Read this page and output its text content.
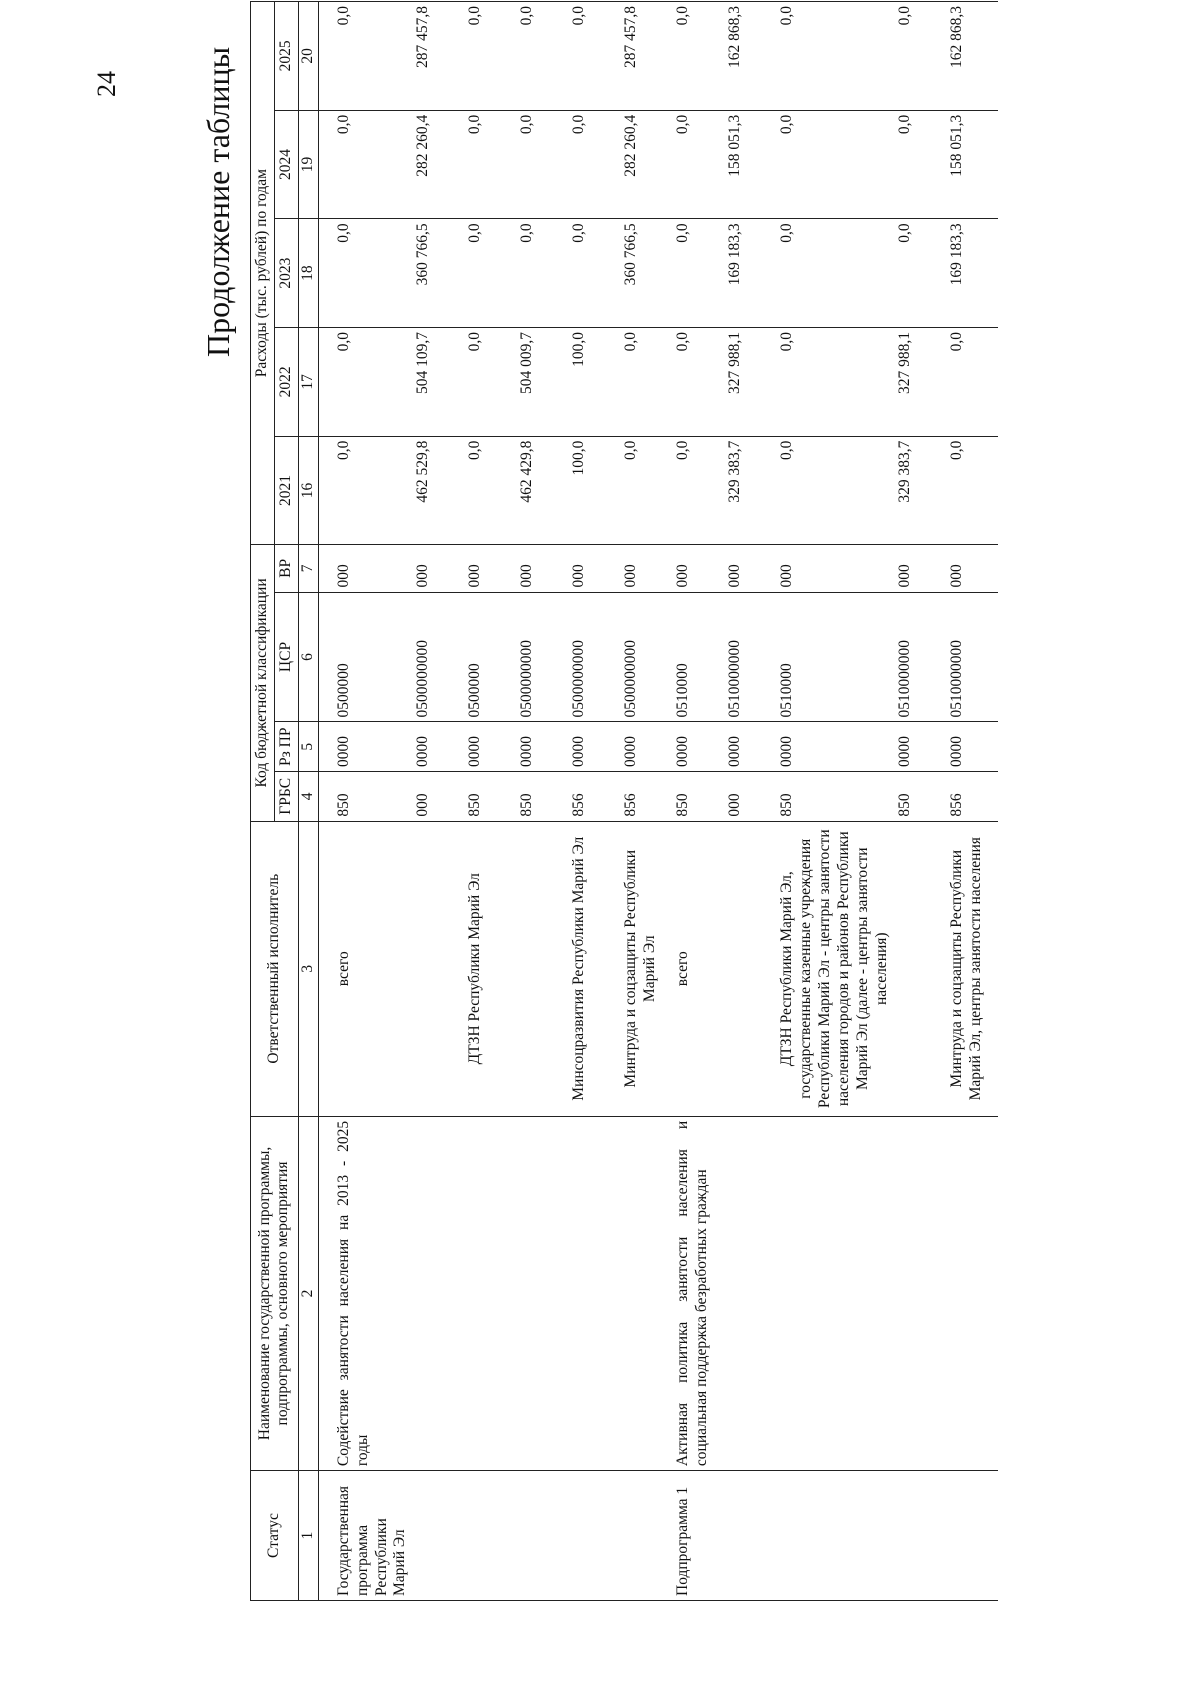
24 Продолжение таблицы
Статус	Наименование государственной программы, подпрограммы, основного мероприятия	Ответственный исполнитель	Код бюджетной классификации				Расходы (тыс. рублей) по годам				
			ГРБС	Рз ПР	ЦСР	ВР	2021	2022	2023	2024	2025
1	2	3	4	5	6	7	16	17	18	19	20

Государственная программа Республики Марий Эл	Содействие занятости населения на 2013 - 2025 годы	всего	850	0000	0500000	000	0,0	0,0	0,0	0,0	0,0
			000	0000	0500000000	000	462 529,8	504 109,7	360 766,5	282 260,4	287 457,8
		ДТЗН Республики Марий Эл	850	0000	0500000	000	0,0	0,0	0,0	0,0	0,0
			850	0000	0500000000	000	462 429,8	504 009,7	0,0	0,0	0,0
		Минсоцразвития Республики Марий Эл	856	0000	0500000000	000	100,0	100,0	0,0	0,0	0,0
		Минтруда и соцзащиты Республики Марий Эл	856	0000	0500000000	000	0,0	0,0	360 766,5	282 260,4	287 457,8
Подпрограмма 1	Активная политика занятости населения и социальная поддержка безработных граждан	всего	850	0000	0510000	000	0,0	0,0	0,0	0,0	0,0
			000	0000	0510000000	000	329 383,7	327 988,1	169 183,3	158 051,3	162 868,3
		ДТЗН Республики Марий Эл, государственные казенные учреждения Республики Марий Эл - центры занятости населения городов и районов Республики Марий Эл (далее - центры занятости населения)	850	0000	0510000	000	0,0	0,0	0,0	0,0	0,0
			850	0000	0510000000	000	329 383,7	327 988,1	0,0	0,0	0,0
		Минтруда и соцзащиты Республики Марий Эл, центры занятости населения	856	0000	0510000000	000	0,0	0,0	169 183,3	158 051,3	162 868,3
